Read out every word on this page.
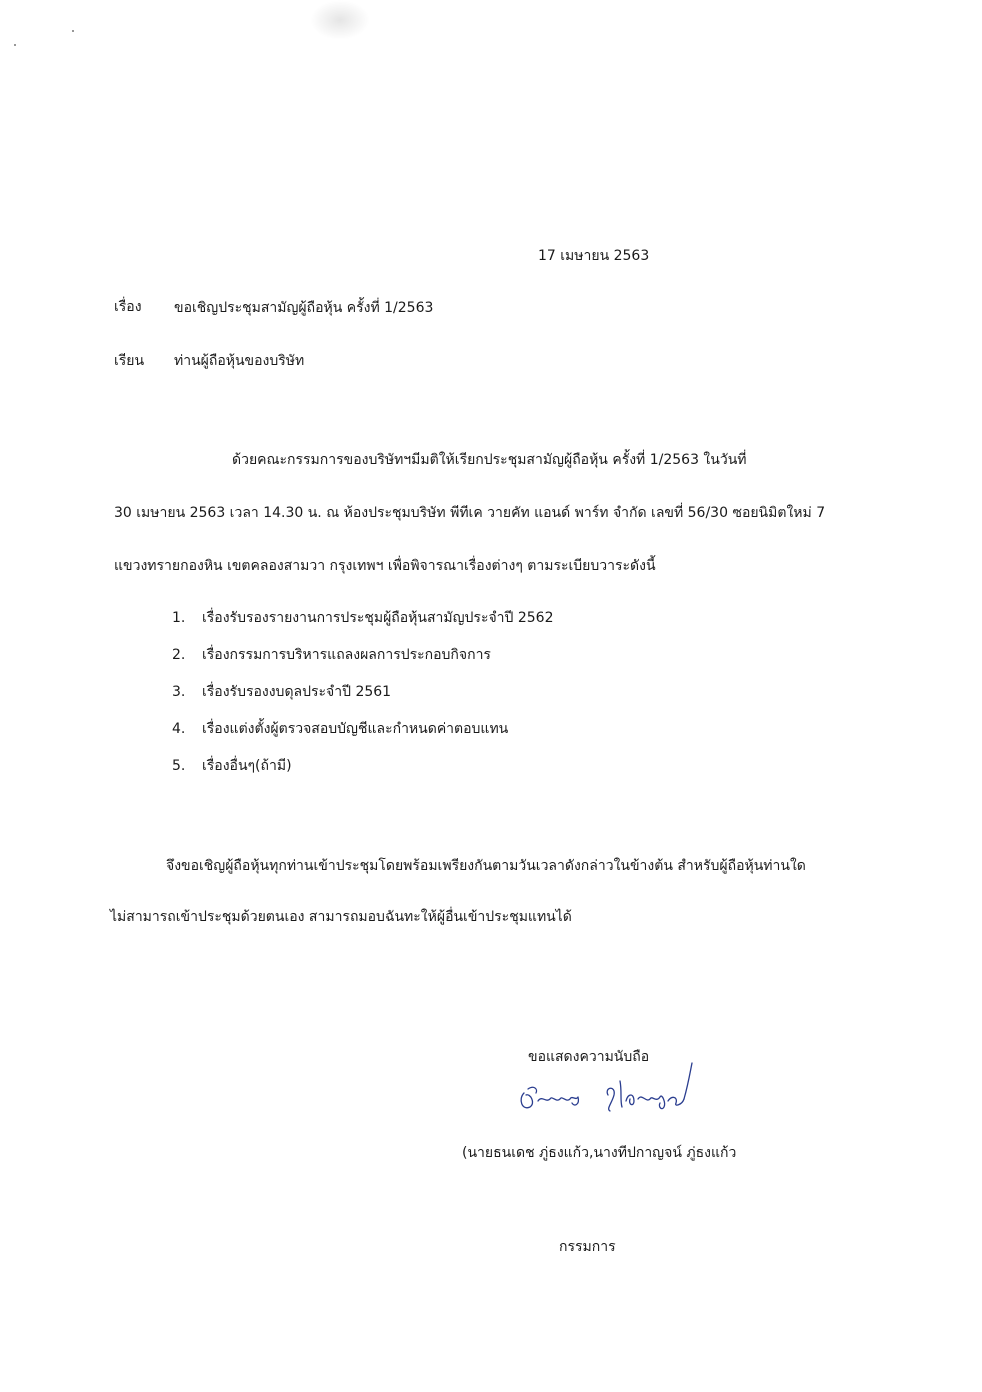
17 เมษายน 2563
เรื่อง ขอเชิญประชุมสามัญผู้ถือหุ้น ครั้งที่ 1/2563
เรียน ท่านผู้ถือหุ้นของบริษัท
ด้วยคณะกรรมการของบริษัทฯมีมติให้เรียกประชุมสามัญผู้ถือหุ้น ครั้งที่ 1/2563 ในวันที่
30 เมษายน 2563 เวลา 14.30 น. ณ ห้องประชุมบริษัท พีทีเค วายคัท แอนด์ พาร์ท จำกัด เลขที่ 56/30 ซอยนิมิตใหม่ 7
แขวงทรายกองหิน เขตคลองสามวา กรุงเทพฯ เพื่อพิจารณาเรื่องต่างๆ ตามระเบียบวาระดังนี้
1. เรื่องรับรองรายงานการประชุมผู้ถือหุ้นสามัญประจำปี 2562
2. เรื่องกรรมการบริหารแถลงผลการประกอบกิจการ
3. เรื่องรับรองงบดุลประจำปี 2561
4. เรื่องแต่งตั้งผู้ตรวจสอบบัญชีและกำหนดค่าตอบแทน
5. เรื่องอื่นๆ(ถ้ามี)
จึงขอเชิญผู้ถือหุ้นทุกท่านเข้าประชุมโดยพร้อมเพรียงกันตามวันเวลาดังกล่าวในข้างต้น สำหรับผู้ถือหุ้นท่านใด
ไม่สามารถเข้าประชุมด้วยตนเอง สามารถมอบฉันทะให้ผู้อื่นเข้าประชุมแทนได้
ขอแสดงความนับถือ
(นายธนเดช ภู่ธงแก้ว,นางทีปกาญจน์ ภู่ธงแก้ว
กรรมการ
